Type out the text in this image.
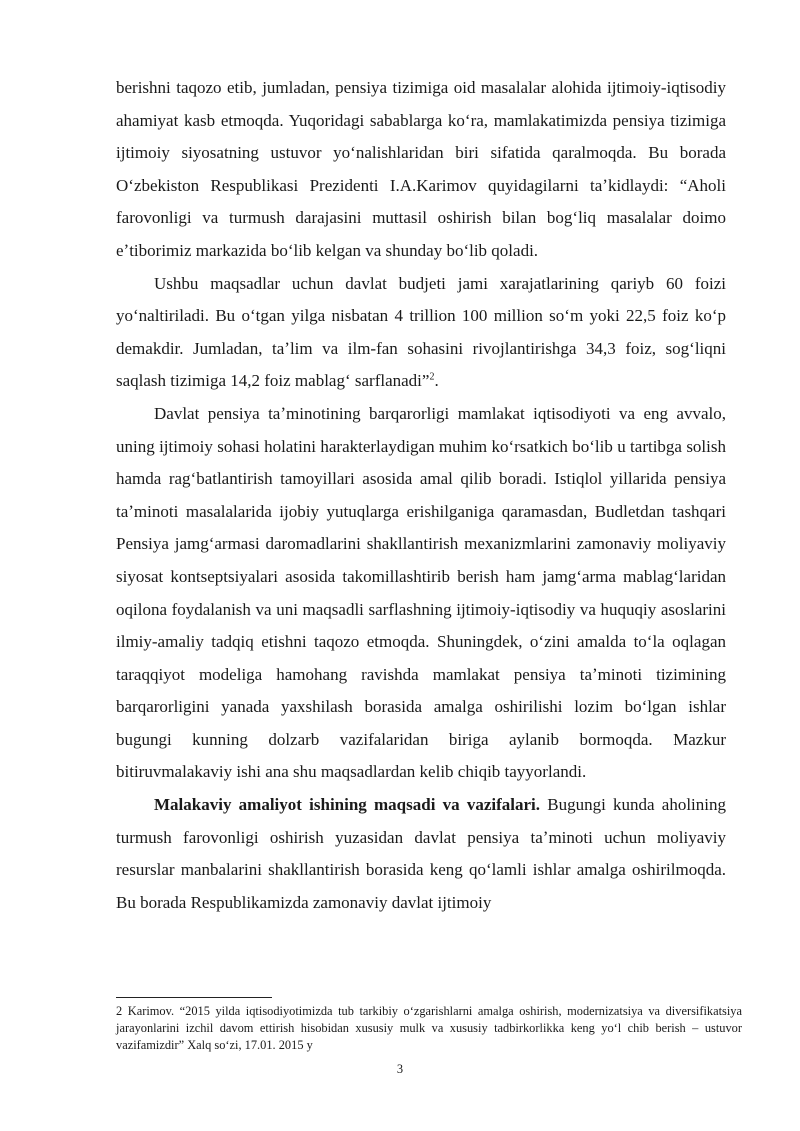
berishni taqozo etib, jumladan, pensiya tizimiga oid masalalar alohida ijtimoiy-iqtisodiy ahamiyat kasb etmoqda. Yuqoridagi sabablarga koʻra, mamlakatimizda pensiya tizimiga ijtimoiy siyosatning ustuvor yoʻnalishlaridan biri sifatida qaralmoqda. Bu borada Oʻzbekiston Respublikasi Prezidenti I.A.Karimov quyidagilarni taʼkidlaydi: “Aholi farovonligi va turmush darajasini muttasil oshirish bilan bogʻliq masalalar doimo eʼtiborimiz markazida boʻlib kelgan va shunday boʻlib qoladi.

Ushbu maqsadlar uchun davlat budjeti jami xarajatlarining qariyb 60 foizi yoʻnaltiriladi. Bu oʻtgan yilga nisbatan 4 trillion 100 million soʻm yoki 22,5 foiz koʻp demakdir. Jumladan, taʼlim va ilm-fan sohasini rivojlantirishga 34,3 foiz, sogʻliqni saqlash tizimiga 14,2 foiz mablagʻ sarflanadi”$^2$.

Davlat pensiya taʼminotining barqarorligi mamlakat iqtisodiyoti va eng avvalo, uning ijtimoiy sohasi holatini harakterlaydigan muhim koʻrsatkich boʻlib u tartibga solish hamda ragʻbatlantirish tamoyillari asosida amal qilib boradi. Istiqlol yillarida pensiya taʼminoti masalalarida ijobiy yutuqlarga erishilganiga qaramasdan, Budletdan tashqari Pensiya jamgʻarmasi daromadlarini shakllantirish mexanizmlarini zamonaviy moliyaviy siyosat kontseptsiyalari asosida takomillashtirib berish ham jamgʻarma mablagʻlaridan oqilona foydalanish va uni maqsadli sarflashning ijtimoiy-iqtisodiy va huquqiy asoslarini ilmiy-amaliy tadqiq etishni taqozo etmoqda. Shuningdek, oʻzini amalda toʻla oqlagan taraqqiyot modeliga hamohang ravishda mamlakat pensiya taʼminoti tizimining barqarorligini yanada yaxshilash borasida amalga oshirilishi lozim boʻlgan ishlar bugungi kunning dolzarb vazifalaridan biriga aylanib bormoqda. Mazkur bitiruvmalakaviy ishi ana shu maqsadlardan kelib chiqib tayyorlandi.

Malakaviy amaliyot ishining maqsadi va vazifalari. Bugungi kunda aholining turmush farovonligi oshirish yuzasidan davlat pensiya taʼminoti uchun moliyaviy resurslar manbalarini shakllantirish borasida keng qoʻlamli ishlar amalga oshirilmoqda. Bu borada Respublikamizda zamonaviy davlat ijtimoiy

2 Karimov. “2015 yilda iqtisodiyotimizda tub tarkibiy oʻzgarishlarni amalga oshirish, modernizatsiya va diversifikatsiya jarayonlarini izchil davom ettirish hisobidan xususiy mulk va xususiy tadbirkorlikka keng yoʻl chib berish – ustuvor vazifamizdir” Xalq soʻzi, 17.01. 2015 y
3
